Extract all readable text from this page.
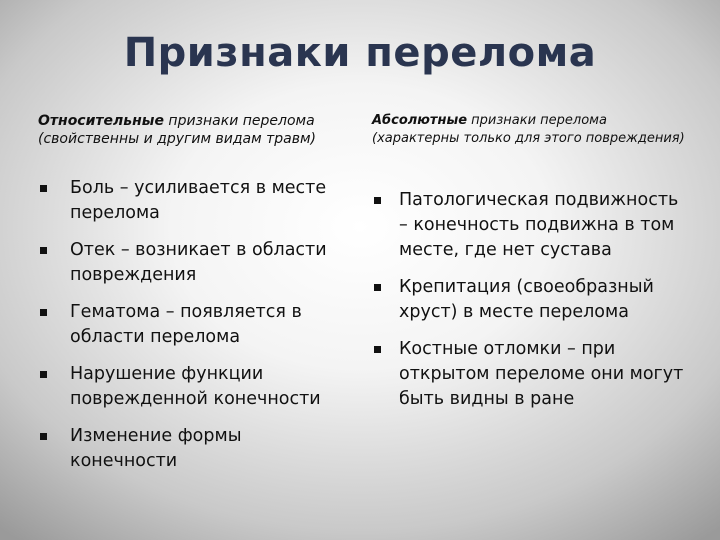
Признаки перелома

Относительные признаки перелома (свойственны и другим видам травм)

Боль – усиливается в месте перелома
Отек – возникает в области повреждения
Гематома – появляется в области перелома
Нарушение функции поврежденной конечности
Изменение формы конечности

Абсолютные признаки перелома (характерны только для этого повреждения)

Патологическая подвижность – конечность подвижна в том месте, где нет сустава
Крепитация (своеобразный хруст) в месте перелома
Костные отломки – при открытом переломе они могут быть видны в ране
